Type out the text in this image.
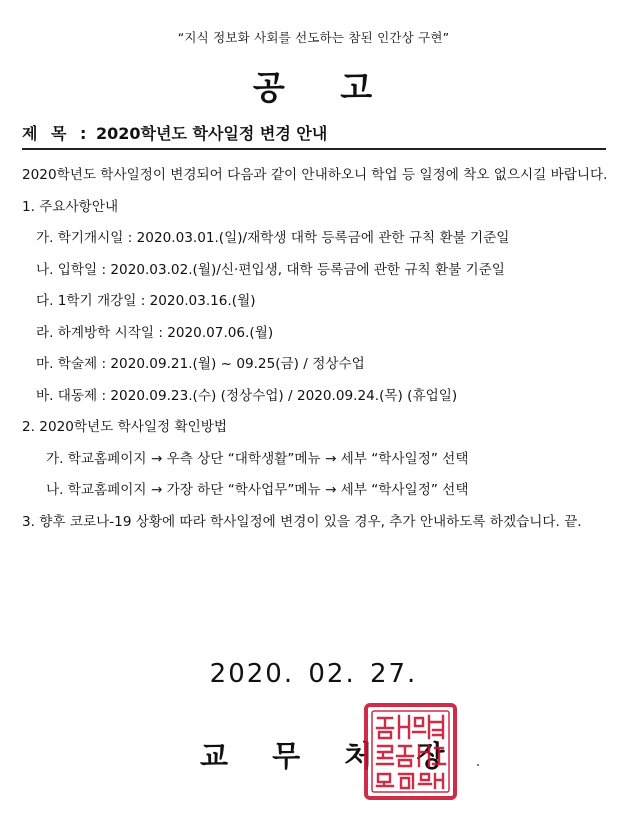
“지식 정보화 사회를 선도하는 참된 인간상 구현”
공 고
제 목 : 2020학년도 학사일정 변경 안내

2020학년도 학사일정이 변경되어 다음과 같이 안내하오니 학업 등 일정에 착오 없으시길 바랍니다.

1. 주요사항안내

가. 학기개시일 : 2020.03.01.(일)/재학생 대학 등록금에 관한 규칙 환불 기준일

나. 입학일 : 2020.03.02.(월)/신·편입생, 대학 등록금에 관한 규칙 환불 기준일

다. 1학기 개강일 : 2020.03.16.(월)

라. 하계방학 시작일 : 2020.07.06.(월)

마. 학술제 : 2020.09.21.(월) ~ 09.25(금) / 정상수업

바. 대동제 : 2020.09.23.(수) (정상수업) / 2020.09.24.(목) (휴업일)

2. 2020학년도 학사일정 확인방법

가. 학교홈페이지 → 우측 상단 “대학생활”메뉴 → 세부 “학사일정” 선택

나. 학교홈페이지 → 가장 하단 “학사업무”메뉴 → 세부 “학사일정” 선택

3. 향후 코로나-19 상황에 따라 학사일정에 변경이 있을 경우, 추가 안내하도록 하겠습니다. 끝.

2020. 02. 27.
교 무 처 장
